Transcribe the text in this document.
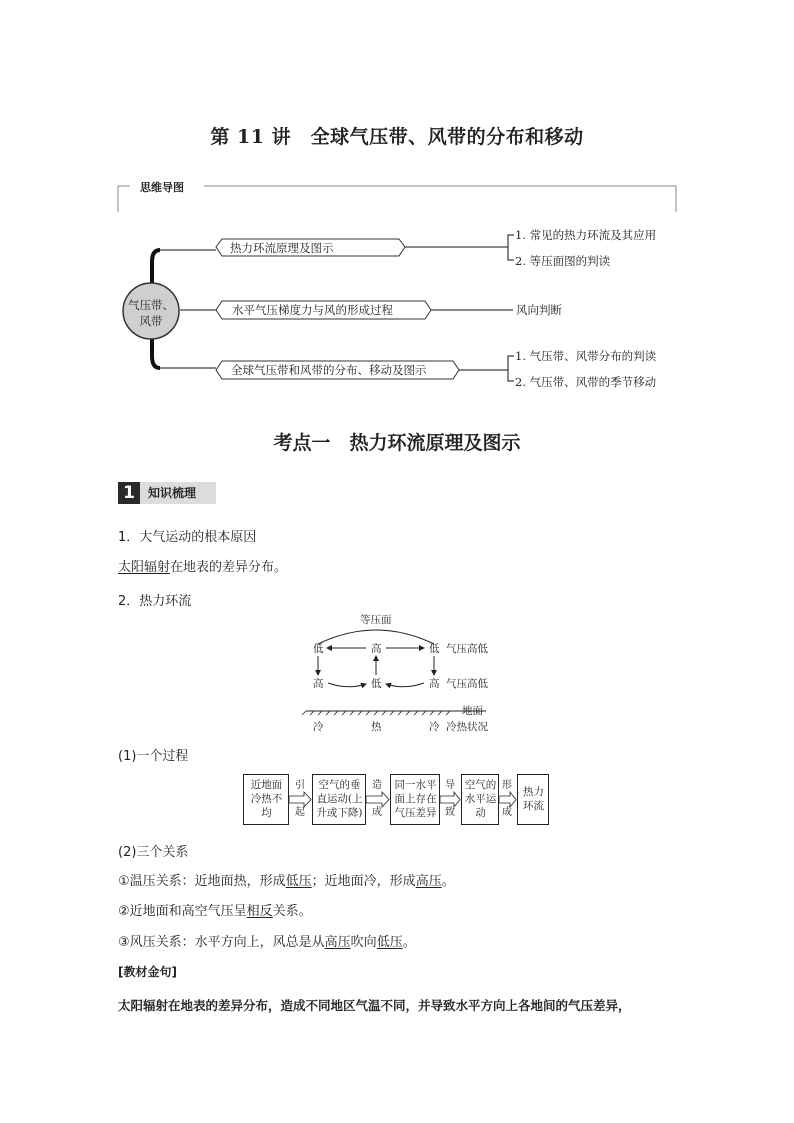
第 11 讲　全球气压带、风带的分布和移动
思维导图
气压带、
风带
热力环流原理及图示
水平气压梯度力与风的形成过程
全球气压带和风带的分布、移动及图示
1. 常见的热力环流及其应用
2. 等压面图的判读
风向判断
1. 气压带、风带分布的判读
2. 气压带、风带的季节移动
考点一　热力环流原理及图示
1	知识梳理
1．大气运动的根本原因
太阳辐射在地表的差异分布。
2．热力环流
等压面
低	高	低 气压高低
高	低	高 气压高低
地面
冷	热	冷 冷热状况
(1)一个过程
近地面
冷热不
均
空气的垂
直运动(上
升或下降)
同一水平
面上存在
气压差异
空气的
水平运
动
热力
环流
引
起
造
成
导
致
形
成
(2)三个关系
①温压关系：近地面热，形成低压；近地面冷，形成高压。
②近地面和高空气压呈相反关系。
③风压关系：水平方向上，风总是从高压吹向低压。
[教材金句]
太阳辐射在地表的差异分布，造成不同地区气温不同，并导致水平方向上各地间的气压差异，
